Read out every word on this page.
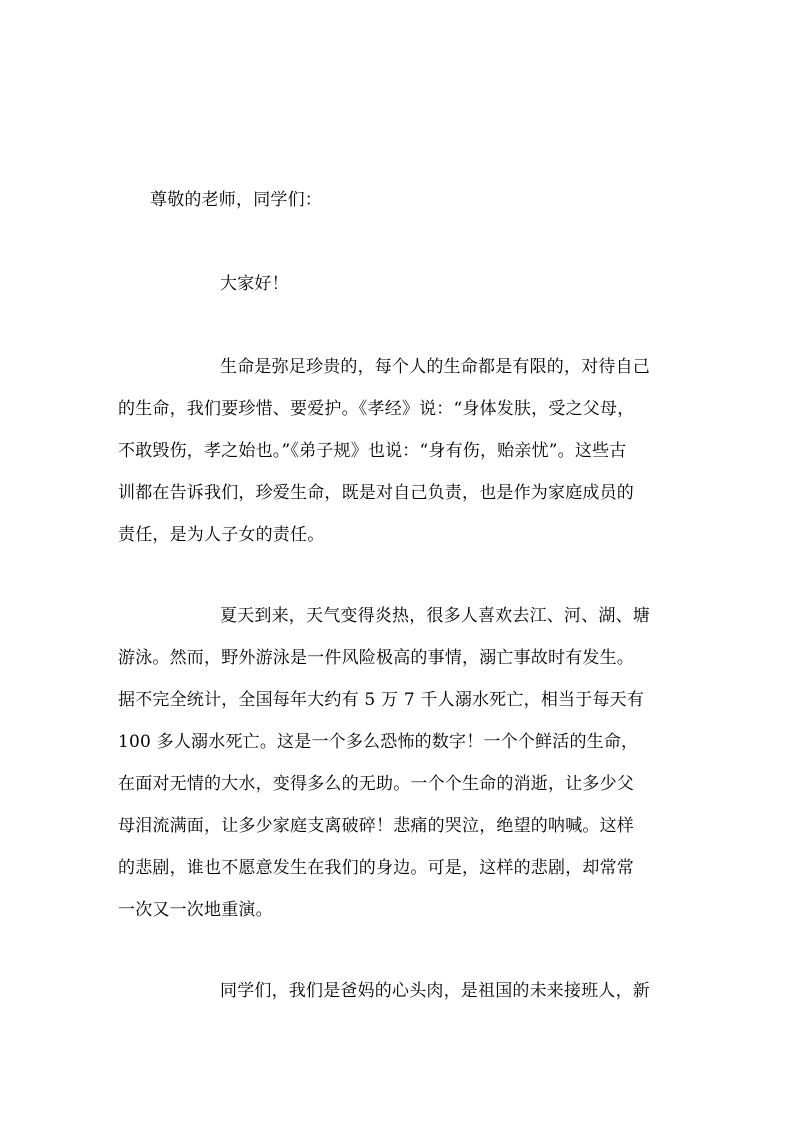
尊敬的老师，同学们：
大家好！
生命是弥足珍贵的，每个人的生命都是有限的，对待自己
的生命，我们要珍惜、要爱护。《孝经》说：“身体发肤，受之父母，
不敢毁伤，孝之始也。”《弟子规》也说：“身有伤，贻亲忧”。这些古
训都在告诉我们，珍爱生命，既是对自己负责，也是作为家庭成员的
责任，是为人子女的责任。
夏天到来，天气变得炎热，很多人喜欢去江、河、湖、塘
游泳。然而，野外游泳是一件风险极高的事情，溺亡事故时有发生。
据不完全统计，全国每年大约有 5 万 7 千人溺水死亡，相当于每天有
100 多人溺水死亡。这是一个多么恐怖的数字！一个个鲜活的生命，
在面对无情的大水，变得多么的无助。一个个生命的消逝，让多少父
母泪流满面，让多少家庭支离破碎！悲痛的哭泣，绝望的呐喊。这样
的悲剧，谁也不愿意发生在我们的身边。可是，这样的悲剧，却常常
一次又一次地重演。
同学们，我们是爸妈的心头肉，是祖国的未来接班人，新
